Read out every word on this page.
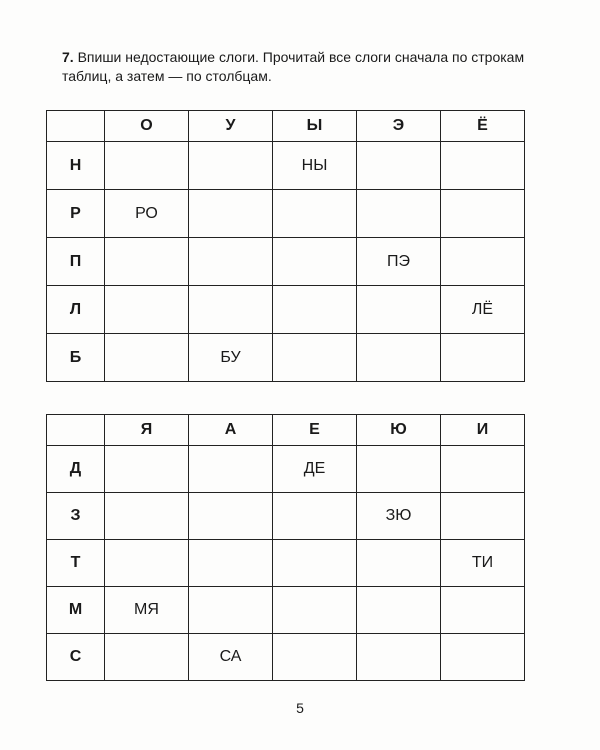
7. Впиши недостающие слоги. Прочитай все слоги сначала по строкам таблиц, а затем — по столбцам.
	О	У	Ы	Э	Ё
Н			НЫ		
Р	РО				
П				ПЭ	
Л					ЛЁ
Б		БУ			
	Я	А	Е	Ю	И
Д			ДЕ		
З				ЗЮ	
Т					ТИ
М	МЯ				
С		СА			
5
